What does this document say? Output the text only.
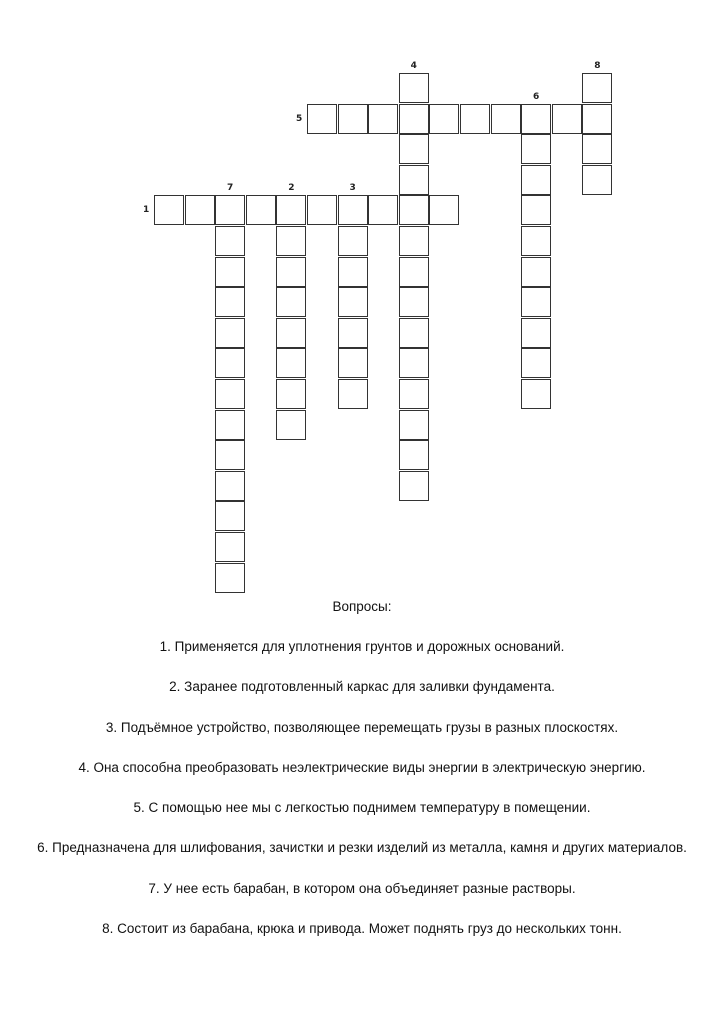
1
2	3
4
5
6
7
8
Вопросы:
1. Применяется для уплотнения грунтов и дорожных оснований.
2. Заранее подготовленный каркас для заливки фундамента.
3. Подъёмное устройство, позволяющее перемещать грузы в разных плоскостях.
4. Она способна преобразовать неэлектрические виды энергии в электрическую энергию.
5. С помощью нее мы с легкостью поднимем температуру в помещении.
6. Предназначена для шлифования, зачистки и резки изделий из металла, камня и других материалов.
7. У нее есть барабан, в котором она объединяет разные растворы.
8. Состоит из барабана, крюка и привода. Может поднять груз до нескольких тонн.
